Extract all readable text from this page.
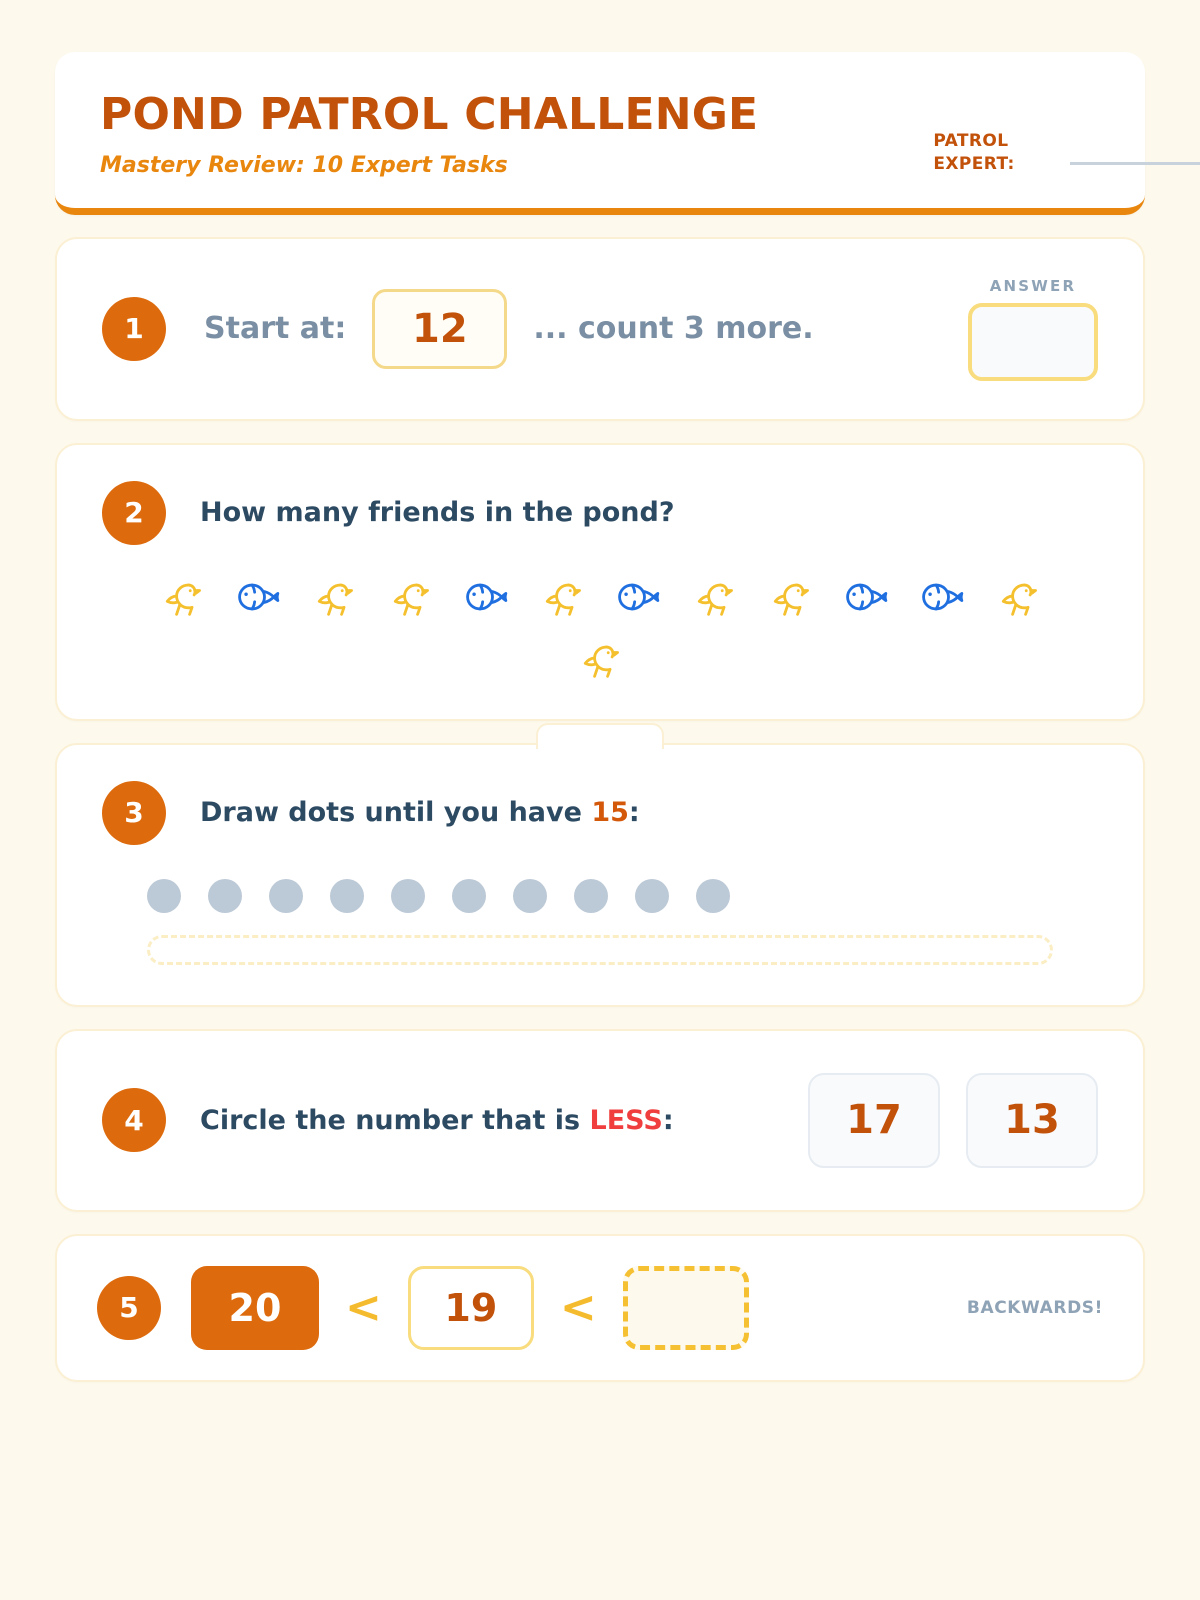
POND PATROL CHALLENGE
Mastery Review: 10 Expert Tasks
PATROL EXPERT:
1	Start at:	12	... count 3 more.
ANSWER
2	How many friends in the pond?
3	Draw dots until you have 15:
4	Circle the number that is LESS:	17	13
5	20	<	19	<	BACKWARDS!
